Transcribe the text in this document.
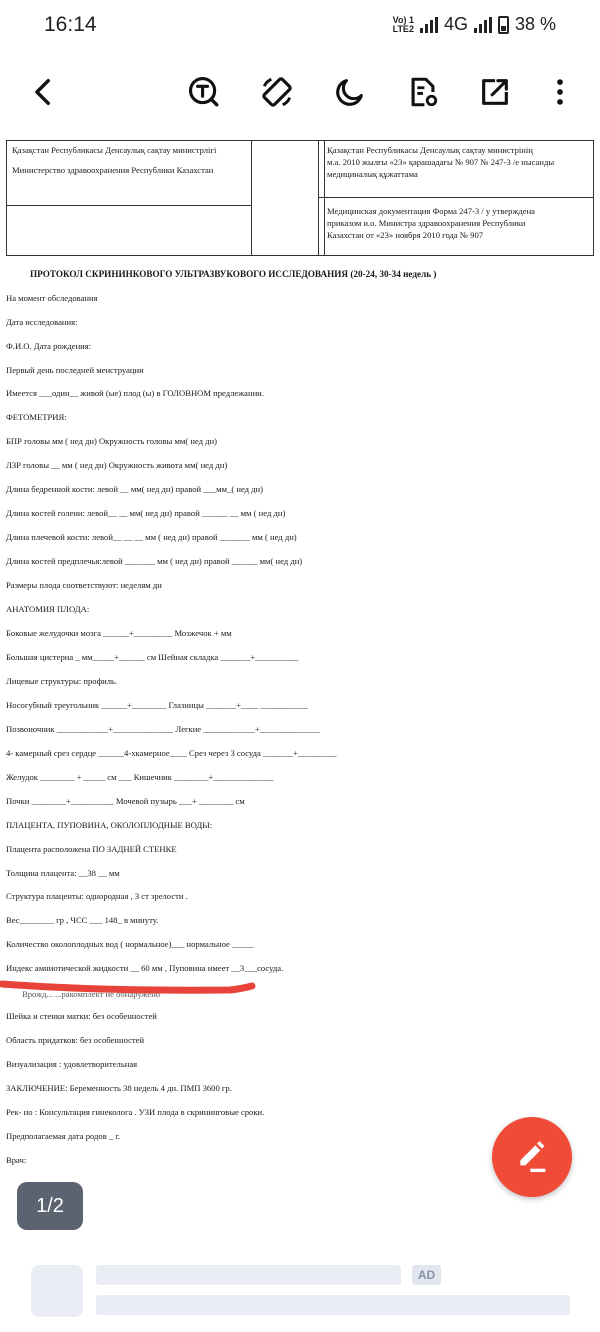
16:14	Vo) 1
LTE2 4G	38 %
Қазақстан Республикасы Денсаулық сақтау министрлігі
Министерство здравоохранения Республики Казахстан
Қазақстан Республикасы Денсаулық сақтау министрінің
м.а. 2010 жылғы «23» қарашадағы № 907 № 247-3 /е нысанды
медициналық құжаттама
Медицинская документация Форма 247-3 / у утверждена
приказом и.о. Министра здравоохранения Республики
Казахстан от «23» ноября 2010 года № 907
ПРОТОКОЛ СКРИНИНКОВОГО УЛЬТРАЗВУКОВОГО ИССЛЕДОВАНИЯ (20-24, 30-34 недель )
На момент обследования
Дата исследования:
Ф.И.О. Дата рождения:
Первый день последней менструации
Имеется ___один__ живой (ые) плод (ы) в ГОЛОВНОМ предлежании.
ФЕТОМЕТРИЯ:
БПР головы мм ( нед дн) Окружность головы мм( нед дн)
ЛЗР головы __ мм ( нед дн) Окружность живота мм( нед дн)
Длина бедренной кости: левой __ мм( нед дн) правой ___мм_( нед дн)
Длина костей голени: левой__ __ мм( нед дн) правой ______ __ мм ( нед дн)
Длина плечевой кости: левой__ __ __ мм ( нед дн) правой _______ мм ( нед дн)
Длина костей предплечья:левой _______ мм ( нед дн) правой ______ мм( нед дн)
Размеры плода соответствуют: неделям дн
АНАТОМИЯ ПЛОДА:
Боковые желудочки мозга ______+_________ Мозжечок + мм
Большая цистерна _ мм_____+______ см Шейная складка _______+__________
Лицевые структуры: профиль.
Носогубный треугольник ______+________ Глазницы _______+____ ___________
Позвоночник ____________+______________ Легкие ____________+______________
4- камерный срез сердце ______4-хкамерное____ Срез через 3 сосуда _______+_________
Желудок ________ + _____ см ___ Кишечник ________+______________
Почки ________+__________ Мочевой пузырь ___+ ________ см
ПЛАЦЕНТА, ПУПОВИНА, ОКОЛОПЛОДНЫЕ ВОДЫ:
Плацента расположена ПО ЗАДНЕЙ СТЕНКЕ
Толщина плацента: __38 __ мм
Структура плаценты: однородная , 3 ст зрелости .
Вес________ гр , ЧСС ___ 148_ в минуту.
Количество околоплодных вод ( нормальное)___ нормальное _____
Индекс амниотической жидкости __ 60 мм , Пуповина имеет __3___сосуда.
Врожд... ...ракомплект не обнаружено
Шейка и стенки матки: без особенностей
Область придатков: без особенностей
Визуализация : удовлетворительная
ЗАКЛЮЧЕНИЕ: Беременность 38 недель 4 дн. ПМП 3600 гр.
Рек- но : Консультация гинеколога . УЗИ плода в скрининговые сроки.
Предполагаемая дата родов _ г.
Врач:
1/2
AD
